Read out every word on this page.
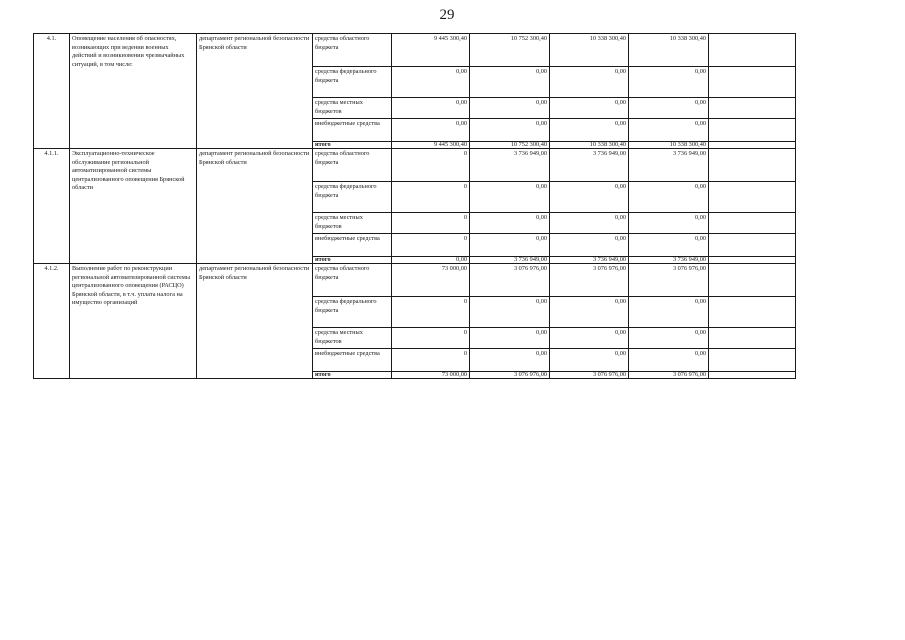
29
4.1.	Оповещение населения об опасностях, возникающих при ведении военных действий и возникновении чрезвычайных ситуаций, в том числе:	департамент региональной безопасности Брянской области	средства областного бюджета	9 445 300,40	10 752 300,40	10 338 300,40	10 338 300,40	
			средства федерального бюджета	0,00	0,00	0,00	0,00	
			средства местных бюджетов	0,00	0,00	0,00	0,00	
			внебюджетные средства	0,00	0,00	0,00	0,00	
			итого	9 445 300,40	10 752 300,40	10 338 300,40	10 338 300,40	
4.1.1.	Эксплуатационно-техническое обслуживание региональной автоматизированной системы централизованного оповещения Брянской области	департамент региональной безопасности Брянской области	средства областного бюджета	0	3 736 949,00	3 736 949,00	3 736 949,00	
			средства федерального бюджета	0	0,00	0,00	0,00	
			средства местных бюджетов	0	0,00	0,00	0,00	
			внебюджетные средства	0	0,00	0,00	0,00	
			итого	0,00	3 736 949,00	3 736 949,00	3 736 949,00	
4.1.2.	Выполнение работ по реконструкции региональной автоматизированной системы централизованного оповещения (РАСЦО) Брянской области, в т.ч. уплата налога на имущество организаций	департамент региональной безопасности Брянской области	средства областного бюджета	73 000,00	3 076 976,00	3 076 976,00	3 076 976,00	
			средства федерального бюджета	0	0,00	0,00	0,00	
			средства местных бюджетов	0	0,00	0,00	0,00	
			внебюджетные средства	0	0,00	0,00	0,00	
			итого	73 000,00	3 076 976,00	3 076 976,00	3 076 976,00	
